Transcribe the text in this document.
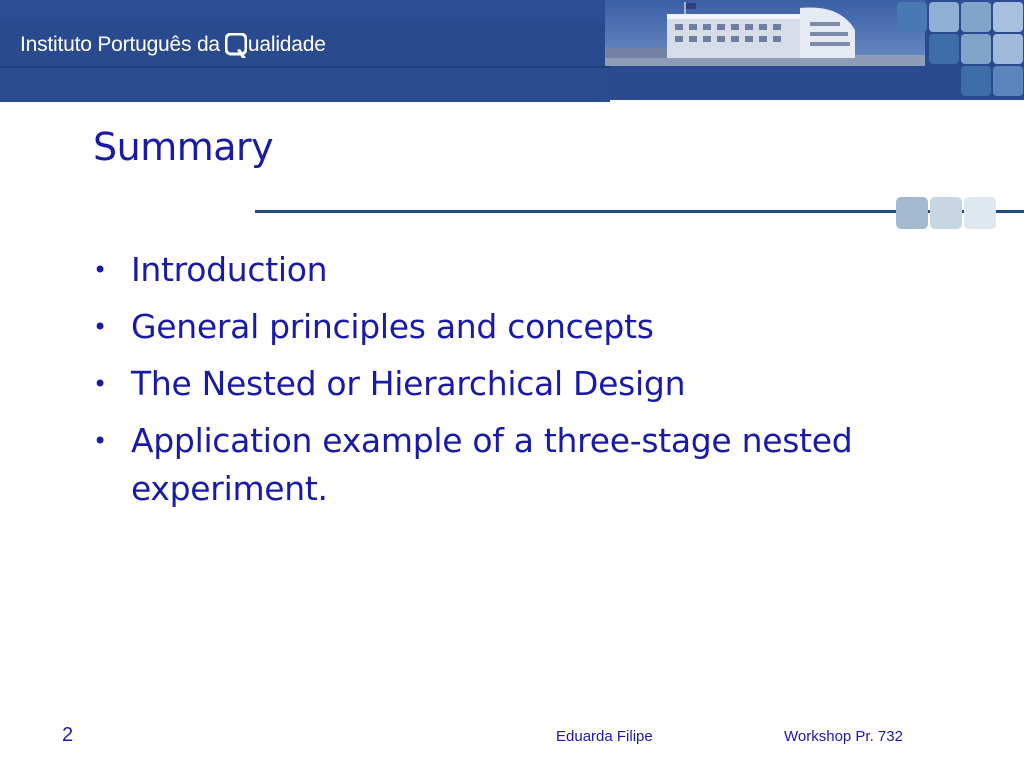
Instituto Português da ualidade
Summary
• Introduction
• General principles and concepts
• The Nested or Hierarchical Design
• Application example of a three-stage nested experiment.
2	Eduarda Filipe	Workshop Pr. 732
